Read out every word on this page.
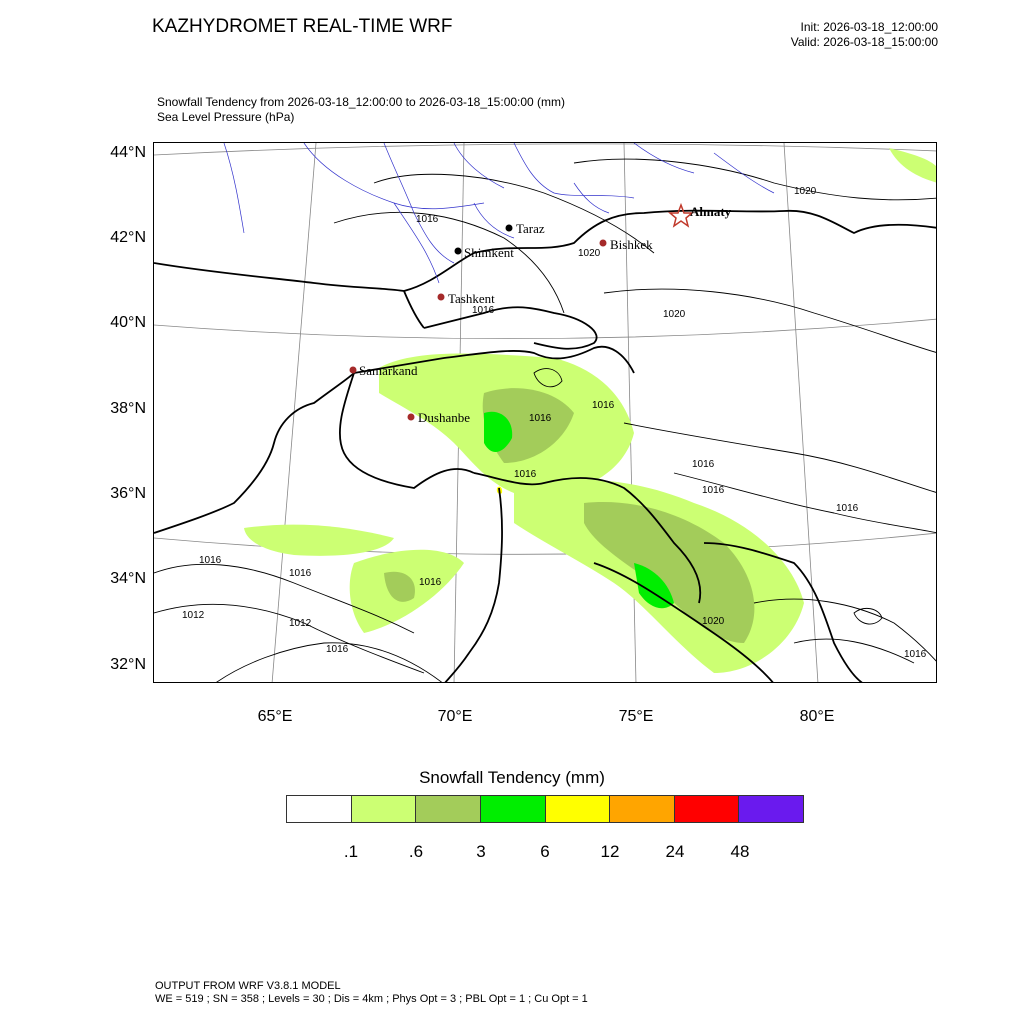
KAZHYDROMET REAL-TIME WRF	Init: 2026-03-18_12:00:00
Valid: 2026-03-18_15:00:00
Snowfall Tendency from 2026-03-18_12:00:00 to 2026-03-18_15:00:00 (mm)
Sea Level Pressure (hPa)
Almaty
Taraz
Shimkent
Bishkek
Tashkent
Samarkand
Dushanbe
1016
1020
1016	1020
1016
1016
1016
1016
1016
1016
1016
1016
1016
1012
1012
1016
1020
1016
1020
44°N
42°N
40°N
38°N
36°N
34°N
32°N
65°E	70°E	75°E	80°E
Snowfall Tendency (mm)
.1	.6	3	6	12	24	48
OUTPUT FROM WRF V3.8.1 MODEL
WE = 519 ; SN = 358 ; Levels = 30 ; Dis = 4km ; Phys Opt = 3 ; PBL Opt = 1 ; Cu Opt = 1
